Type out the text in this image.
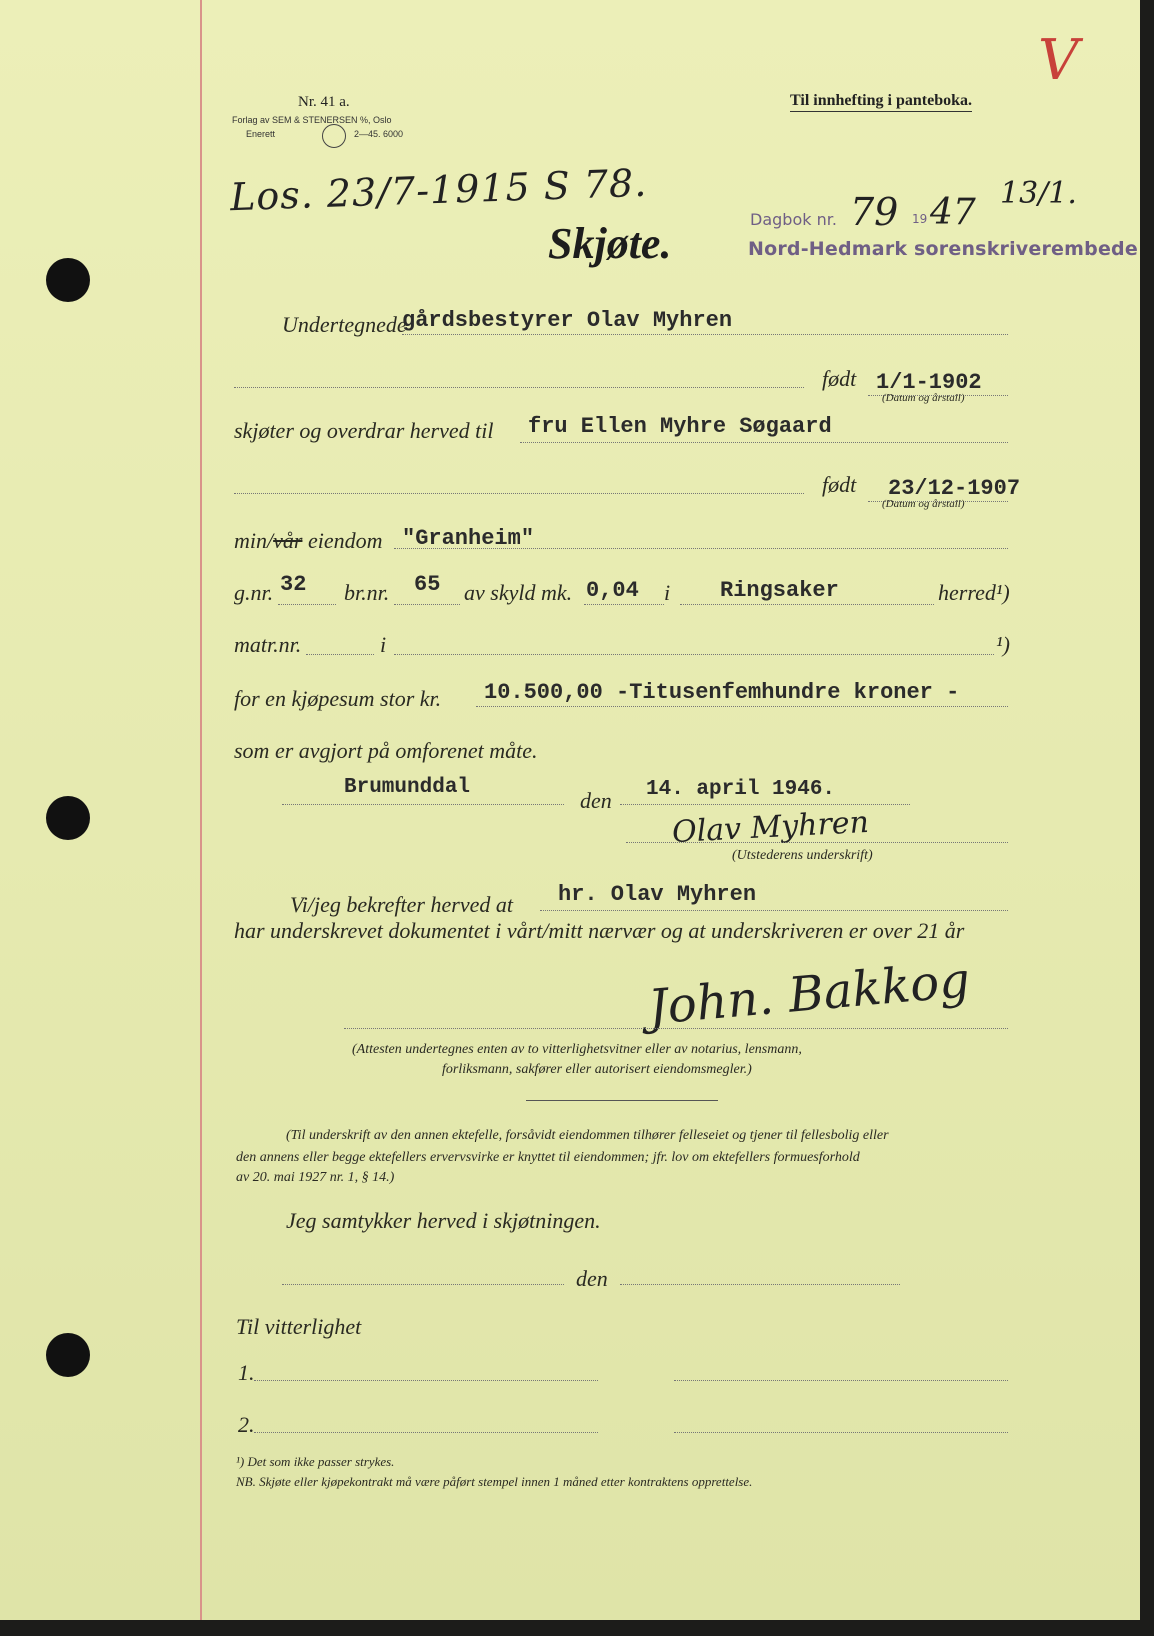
Nr. 41 a.
Forlag av SEM & STENERSEN %, Oslo
Enerett	2—45. 6000
Til innhefting i panteboka.
V
Los. 23/7-1915 S 78.
Skjøte.	Dagbok nr. 79 19 47 13/1.
Nord-Hedmark sorenskriverembede
Undertegnede
gårdsbestyrer Olav Myhren
født 1/1-1902
(Datum og årstall)
skjøter og overdrar herved til fru Ellen Myhre Søgaard
født 23/12-1907
(Datum og årstall)
min/vår eiendom "Granheim"
g.nr. 32 br.nr. 65 av skyld mk. 0,04 i Ringsaker	herred¹)
matr.nr.	i	¹)
for en kjøpesum stor kr. 10.500,00 -Titusenfemhundre kroner -
som er avgjort på omforenet måte.
Brumunddal
den 14. april 1946.
Olav Myhren
(Utstederens underskrift)
Vi/jeg bekrefter herved at hr. Olav Myhren
har underskrevet dokumentet i vårt/mitt nærvær og at underskriveren er over 21 år
John. Bakkog
(Attesten undertegnes enten av to vitterlighetsvitner eller av notarius, lensmann,
forliksmann, sakfører eller autorisert eiendomsmegler.)
(Til underskrift av den annen ektefelle, forsåvidt eiendommen tilhører felleseiet og tjener til fellesbolig eller
den annens eller begge ektefellers ervervsvirke er knyttet til eiendommen; jfr. lov om ektefellers formuesforhold
av 20. mai 1927 nr. 1, § 14.)
Jeg samtykker herved i skjøtningen.
den
Til vitterlighet
1.
2.
¹) Det som ikke passer strykes.
NB. Skjøte eller kjøpekontrakt må være påført stempel innen 1 måned etter kontraktens opprettelse.
